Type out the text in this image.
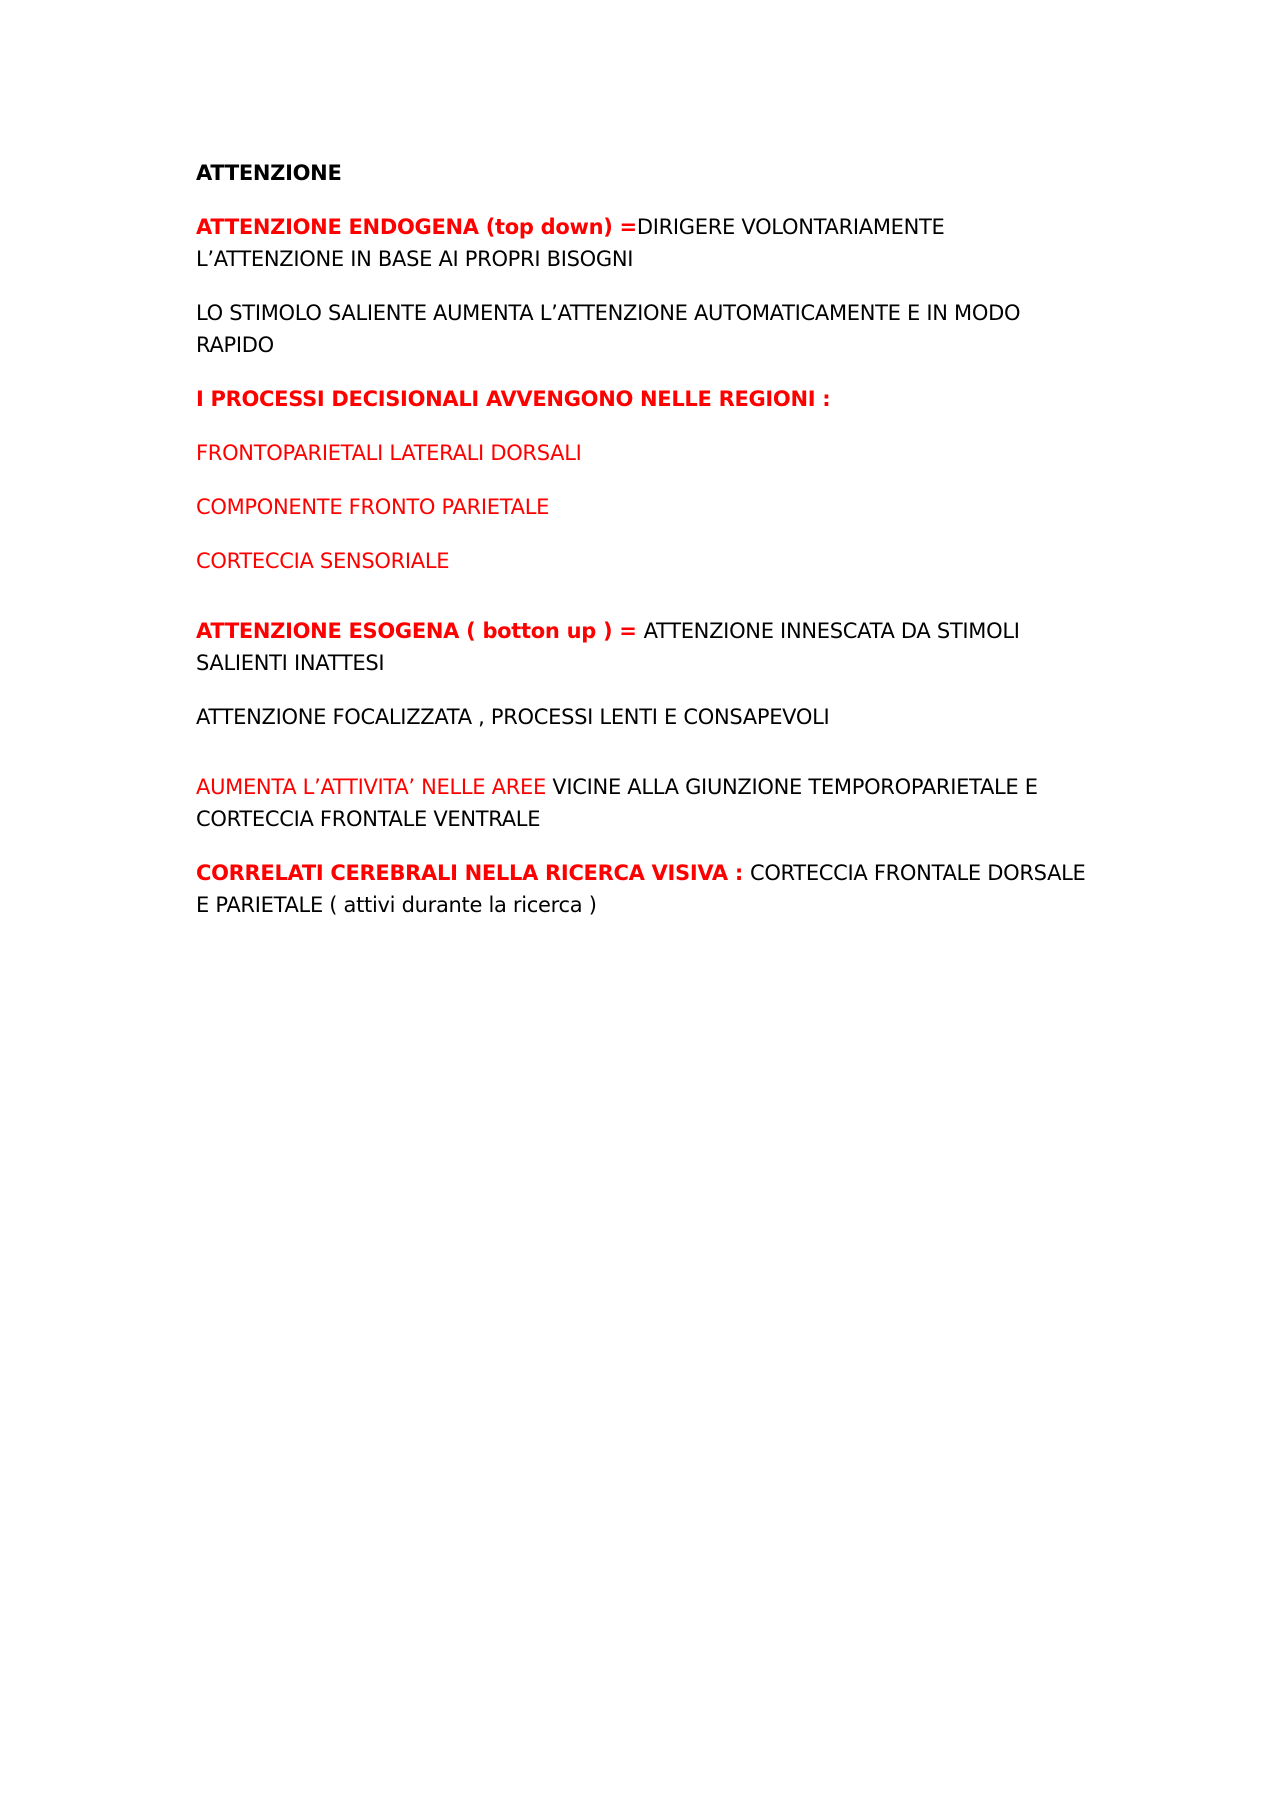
ATTENZIONE

ATTENZIONE ENDOGENA (top down) =DIRIGERE VOLONTARIAMENTE L’ATTENZIONE IN BASE AI PROPRI BISOGNI

LO STIMOLO SALIENTE AUMENTA L’ATTENZIONE AUTOMATICAMENTE E IN MODO RAPIDO

I PROCESSI DECISIONALI AVVENGONO NELLE REGIONI :

FRONTOPARIETALI LATERALI DORSALI

COMPONENTE FRONTO PARIETALE

CORTECCIA SENSORIALE

ATTENZIONE ESOGENA ( botton up ) = ATTENZIONE INNESCATA DA STIMOLI SALIENTI INATTESI

ATTENZIONE FOCALIZZATA , PROCESSI LENTI E CONSAPEVOLI

AUMENTA L’ATTIVITA’ NELLE AREE VICINE ALLA GIUNZIONE TEMPOROPARIETALE E CORTECCIA FRONTALE VENTRALE

CORRELATI CEREBRALI NELLA RICERCA VISIVA : CORTECCIA FRONTALE DORSALE E PARIETALE ( attivi durante la ricerca )
